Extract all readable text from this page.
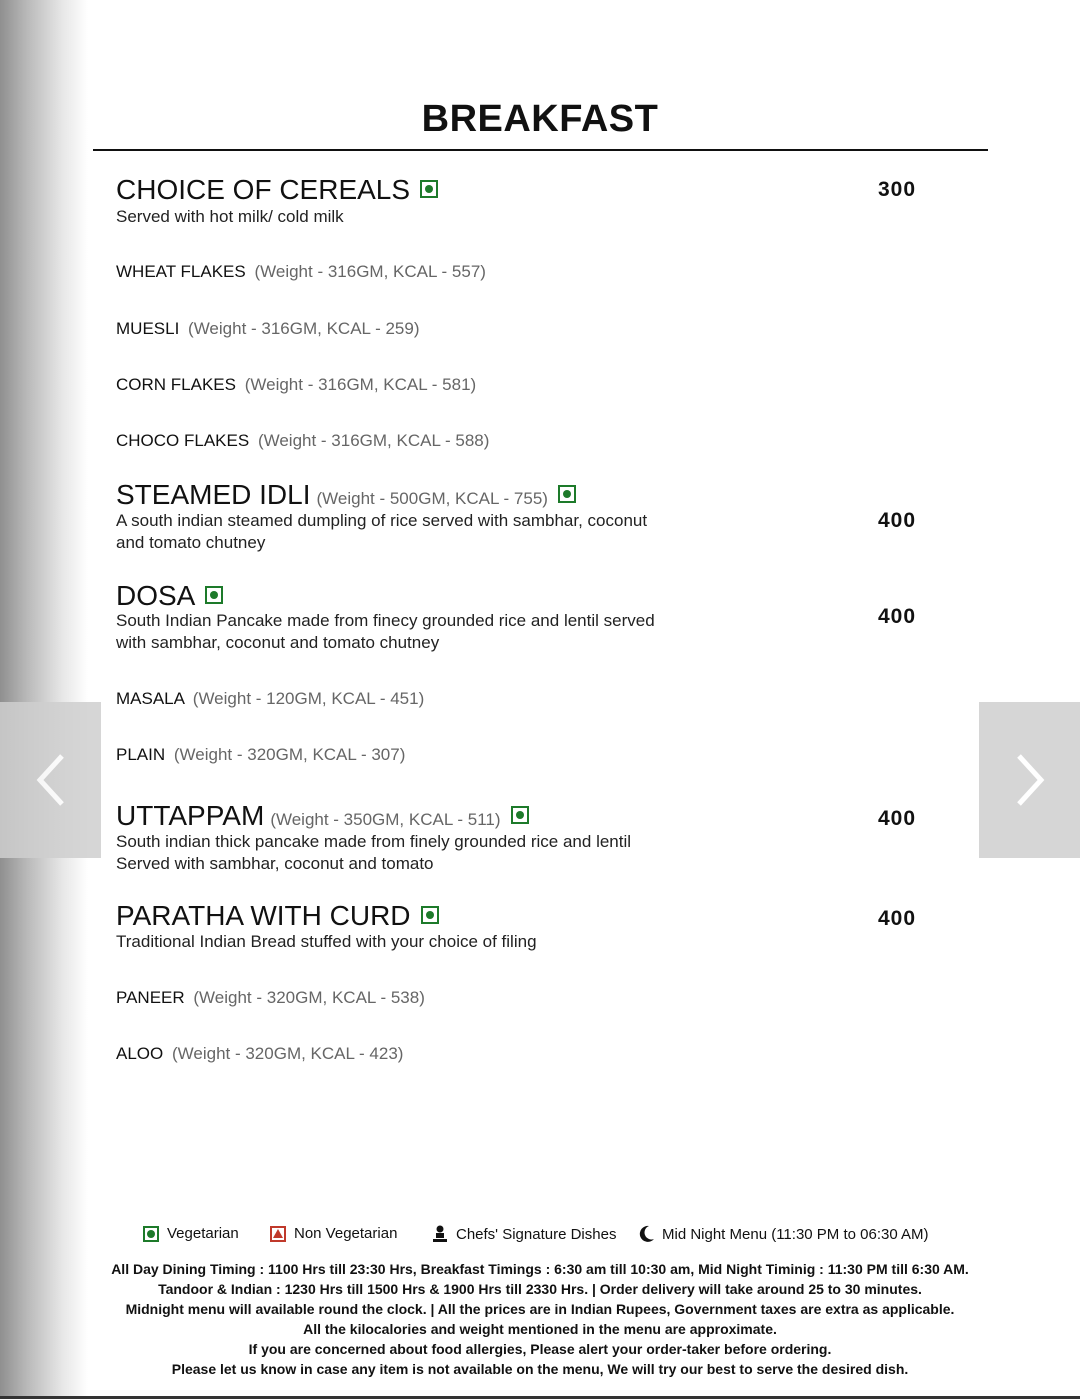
BREAKFAST
CHOICE OF CEREALS
Served with hot milk/ cold milk
300
WHEAT FLAKES (Weight - 316GM, KCAL - 557)
MUESLI (Weight - 316GM, KCAL - 259)
CORN FLAKES (Weight - 316GM, KCAL - 581)
CHOCO FLAKES (Weight - 316GM, KCAL - 588)
STEAMED IDLI (Weight - 500GM, KCAL - 755)
A south indian steamed dumpling of rice served with sambhar, coconut
and tomato chutney
400
DOSA
South Indian Pancake made from finecy grounded rice and lentil served
with sambhar, coconut and tomato chutney
400
MASALA (Weight - 120GM, KCAL - 451)
PLAIN (Weight - 320GM, KCAL - 307)
UTTAPPAM (Weight - 350GM, KCAL - 511)
South indian thick pancake made from finely grounded rice and lentil
Served with sambhar, coconut and tomato
400
PARATHA WITH CURD
Traditional Indian Bread stuffed with your choice of filing
400
PANEER (Weight - 320GM, KCAL - 538)
ALOO (Weight - 320GM, KCAL - 423)
Vegetarian	Non Vegetarian	Chefs' Signature Dishes	Mid Night Menu (11:30 PM to 06:30 AM)
All Day Dining Timing : 1100 Hrs till 23:30 Hrs, Breakfast Timings : 6:30 am till 10:30 am, Mid Night Timinig : 11:30 PM till 6:30 AM.
Tandoor & Indian : 1230 Hrs till 1500 Hrs & 1900 Hrs till 2330 Hrs. | Order delivery will take around 25 to 30 minutes.
Midnight menu will available round the clock. | All the prices are in Indian Rupees, Government taxes are extra as applicable.
All the kilocalories and weight mentioned in the menu are approximate.
If you are concerned about food allergies, Please alert your order-taker before ordering.
Please let us know in case any item is not available on the menu, We will try our best to serve the desired dish.
